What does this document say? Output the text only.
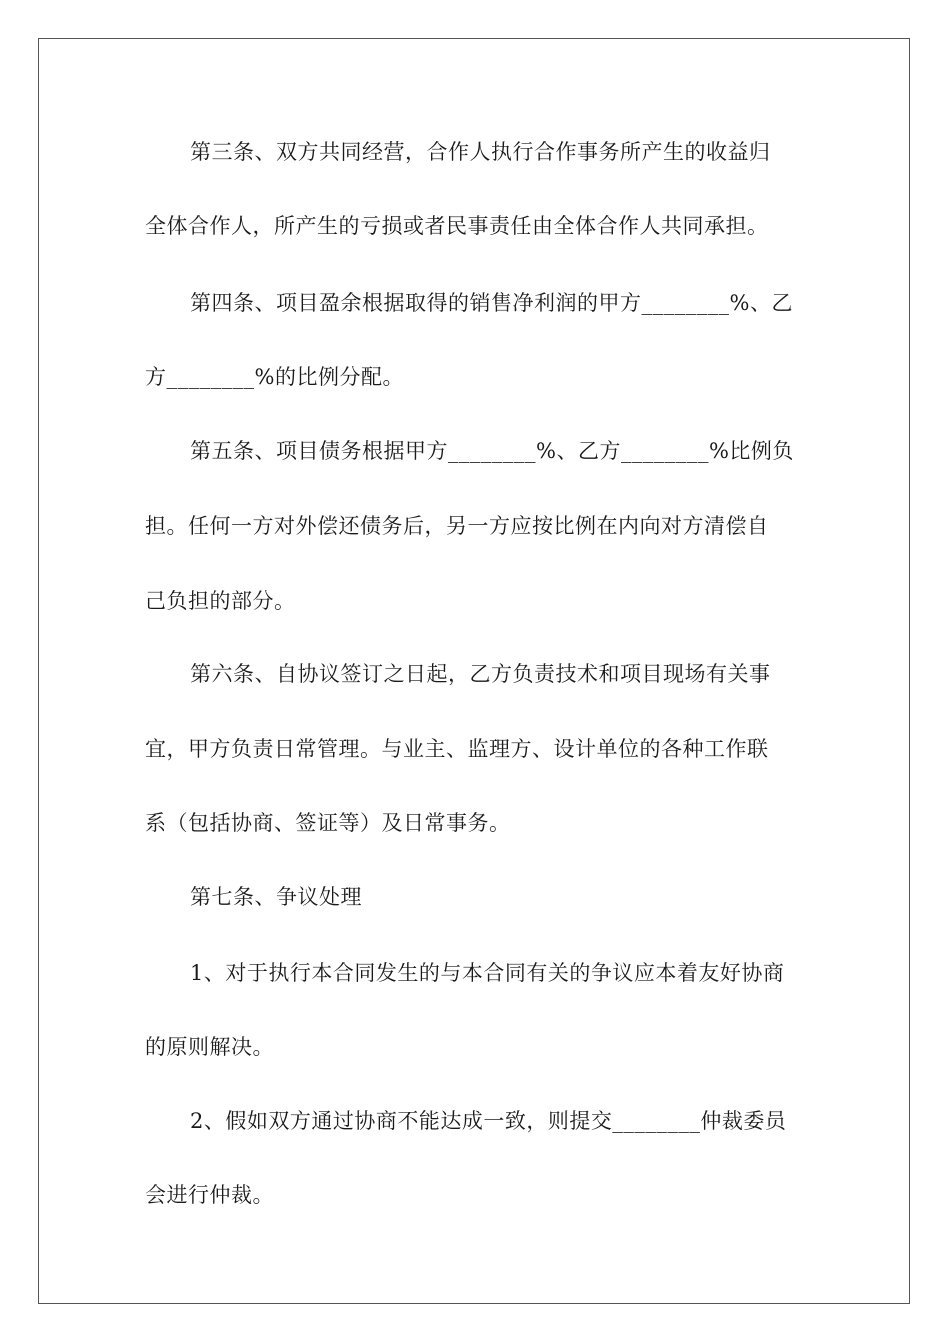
第三条、双方共同经营，合作人执行合作事务所产生的收益归
全体合作人，所产生的亏损或者民事责任由全体合作人共同承担。
第四条、项目盈余根据取得的销售净利润的甲方________%、乙
方________%的比例分配。
第五条、项目债务根据甲方________%、乙方________%比例负
担。任何一方对外偿还债务后，另一方应按比例在内向对方清偿自
己负担的部分。
第六条、自协议签订之日起，乙方负责技术和项目现场有关事
宜，甲方负责日常管理。与业主、监理方、设计单位的各种工作联
系（包括协商、签证等）及日常事务。
第七条、争议处理
1、对于执行本合同发生的与本合同有关的争议应本着友好协商
的原则解决。
2、假如双方通过协商不能达成一致，则提交________仲裁委员
会进行仲裁。
